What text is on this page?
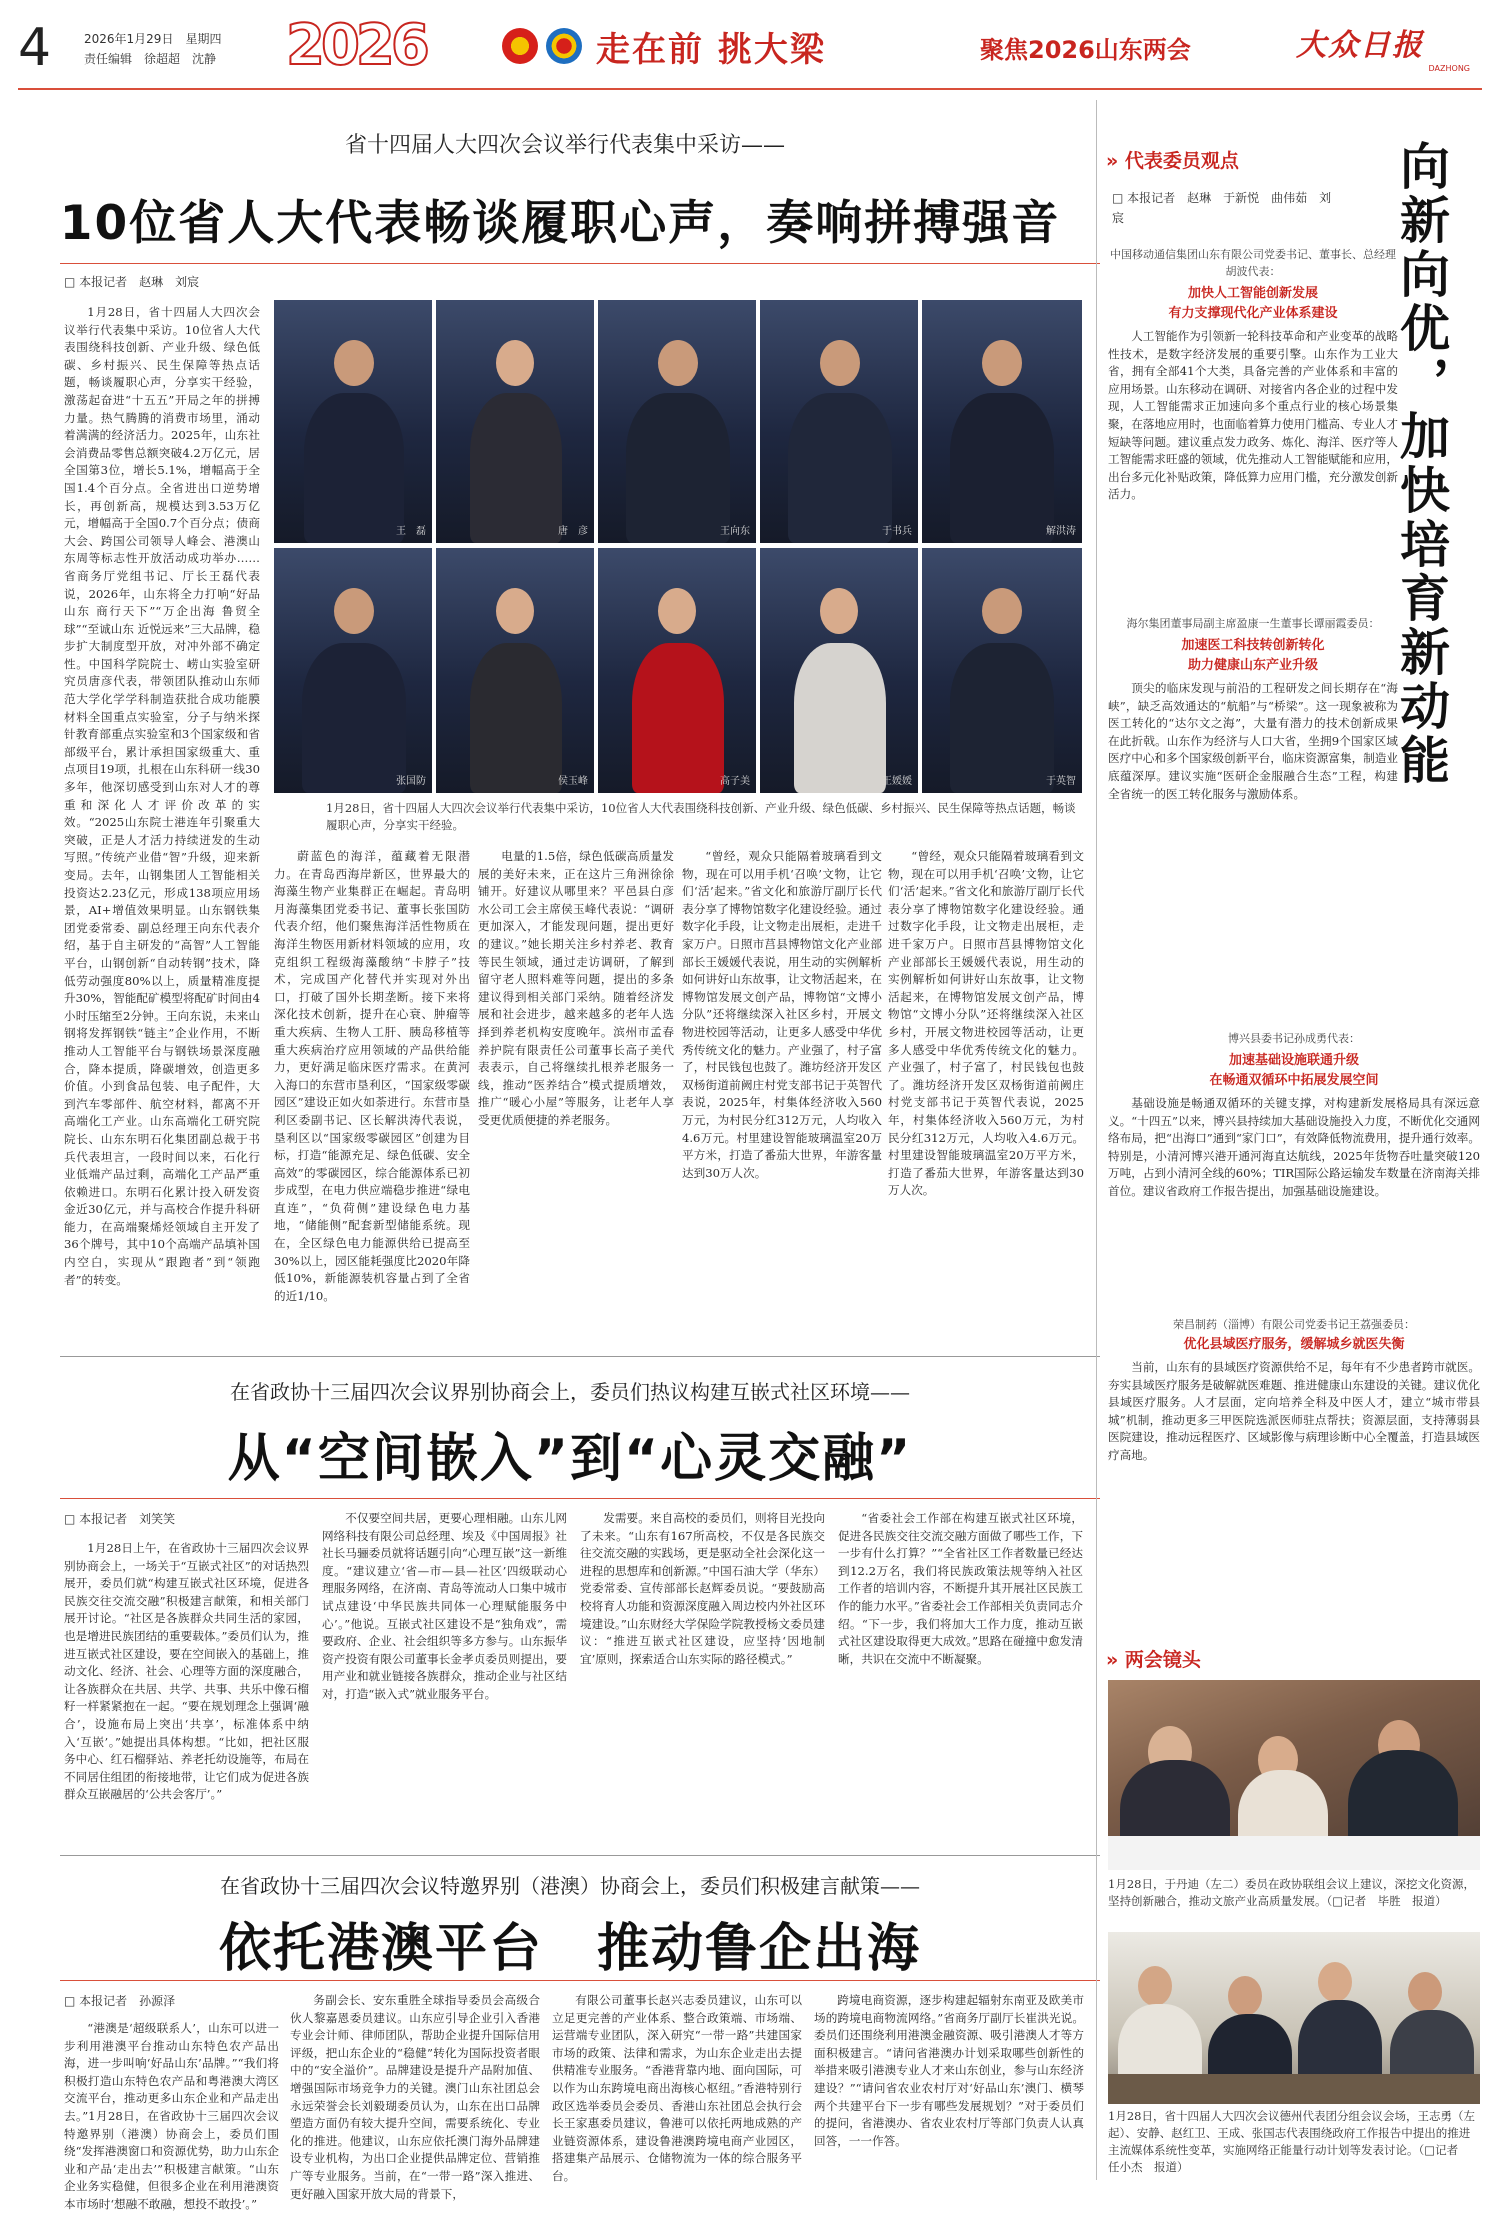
4	2026年1月29日　 星期四
责任编辑　徐超超　沈静 2026	走在前 挑大梁	聚焦2026山东两会	大众日报
DAZHONG
省十四届人大四次会议举行代表集中采访——
10位省人大代表畅谈履职心声，奏响拼搏强音
□ 本报记者　赵琳　刘宸

1月28日，省十四届人大四次会议举行代表集中采访。10位省人大代表围绕科技创新、产业升级、绿色低碳、乡村振兴、民生保障等热点话题，畅谈履职心声，分享实干经验，激荡起奋进“十五五”开局之年的拼搏力量。热气腾腾的消费市场里，涌动着满满的经济活力。2025年，山东社会消费品零售总额突破4.2万亿元，居全国第3位，增长5.1%，增幅高于全国1.4个百分点。全省进出口逆势增长，再创新高，规模达到3.53万亿元，增幅高于全国0.7个百分点；债商大会、跨国公司领导人峰会、港澳山东周等标志性开放活动成功举办……省商务厅党组书记、厅长王磊代表说，2026年，山东将全力打响“好品山东 商行天下”“万企出海 鲁贸全球”“至诚山东 近悦远来”三大品牌，稳步扩大制度型开放，对冲外部不确定性。中国科学院院士、崂山实验室研究员唐彦代表，带领团队推动山东师范大学化学学科制造获批合成功能膜材料全国重点实验室，分子与纳米探针教育部重点实验室和3个国家级和省部级平台，累计承担国家级重大、重点项目19项，扎根在山东科研一线30多年，他深切感受到山东对人才的尊重和深化人才评价改革的实效。“2025山东院士港连年引聚重大突破，正是人才活力持续迸发的生动写照。”传统产业借“智”升级，迎来新变局。去年，山钢集团人工智能相关投资达2.23亿元，形成138项应用场景，AI+增值效果明显。山东钢铁集团党委常委、副总经理王向东代表介绍，基于自主研发的“高智”人工智能平台，山钢创新“自动转钢”技术，降低劳动强度80%以上，质量精准度提升30%，智能配矿模型将配矿时间由4小时压缩至2分钟。王向东说，未来山钢将发挥钢铁“链主”企业作用，不断推动人工智能平台与钢铁场景深度融合，降本提质，降碳增效，创造更多价值。小到食品包装、电子配件，大到汽车零部件、航空材料，都离不开高端化工产业。山东高端化工研究院院长、山东东明石化集团副总裁于书兵代表坦言，一段时间以来，石化行业低端产品过剩，高端化工产品严重依赖进口。东明石化累计投入研发资金近30亿元，并与高校合作提升科研能力，在高端聚烯烃领域自主开发了36个牌号，其中10个高端产品填补国内空白，实现从“跟跑者”到“领跑者”的转变。

王　磊	唐　彦	王向东	于书兵	解洪涛
张国防	侯玉峰	高子美	王媛媛	于英智
1月28日，省十四届人大四次会议举行代表集中采访，10位省人大代表围绕科技创新、产业升级、绿色低碳、乡村振兴、民生保障等热点话题，畅谈履职心声，分享实干经验。

蔚蓝色的海洋，蕴藏着无限潜力。在青岛西海岸新区，世界最大的海藻生物产业集群正在崛起。青岛明月海藻集团党委书记、董事长张国防代表介绍，他们聚焦海洋活性物质在海洋生物医用新材料领域的应用，攻克组织工程级海藻酸纳“卡脖子”技术，完成国产化替代并实现对外出口，打破了国外长期垄断。接下来将深化技术创新，提升在心衰、肿瘤等重大疾病、生物人工肝、胰岛移植等重大疾病治疗应用领域的产品供给能力，更好满足临床医疗需求。在黄河入海口的东营市垦利区，“国家级零碳园区”建设正如火如荼进行。东营市垦利区委副书记、区长解洪涛代表说，垦利区以“国家级零碳园区”创建为目标，打造“能源充足、绿色低碳、安全高效”的零碳园区，综合能源体系已初步成型，在电力供应端稳步推进“绿电直连”，“负荷侧”建设绿色电力基地，“储能侧”配套新型储能系统。现在，全区绿色电力能源供给已提高至30%以上，园区能耗强度比2020年降低10%，新能源装机容量占到了全省的近1/10。

电量的1.5倍，绿色低碳高质量发展的美好未来，正在这片三角洲徐徐铺开。好建议从哪里来？平邑县白彦水公司工会主席侯玉峰代表说：“调研更加深入，才能发现问题，提出更好的建议。”她长期关注乡村养老、教育等民生领域，通过走访调研，了解到留守老人照料难等问题，提出的多条建议得到相关部门采纳。随着经济发展和社会进步，越来越多的老年人选择到养老机构安度晚年。滨州市孟春养护院有限责任公司董事长高子美代表表示，自己将继续扎根养老服务一线，推动“医养结合”模式提质增效，推广“暖心小屋”等服务，让老年人享受更优质便捷的养老服务。

“曾经，观众只能隔着玻璃看到文物，现在可以用手机‘召唤’文物，让它们‘活’起来。”省文化和旅游厅副厅长代表分享了博物馆数字化建设经验。通过数字化手段，让文物走出展柜，走进千家万户。日照市莒县博物馆文化产业部部长王媛媛代表说，用生动的实例解析如何讲好山东故事，让文物活起来，在博物馆发展文创产品，博物馆“文博小分队”还将继续深入社区乡村，开展文物进校园等活动，让更多人感受中华优秀传统文化的魅力。产业强了，村子富了，村民钱包也鼓了。潍坊经济开发区双杨街道前阙庄村党支部书记于英智代表说，2025年，村集体经济收入560万元，为村民分红312万元，人均收入4.6万元。村里建设智能玻璃温室20万平方米，打造了番茄大世界，年游客量达到30万人次。

“曾经，观众只能隔着玻璃看到文物，现在可以用手机‘召唤’文物，让它们‘活’起来。”省文化和旅游厅副厅长代表分享了博物馆数字化建设经验。通过数字化手段，让文物走出展柜，走进千家万户。日照市莒县博物馆文化产业部部长王媛媛代表说，用生动的实例解析如何讲好山东故事，让文物活起来，在博物馆发展文创产品，博物馆“文博小分队”还将继续深入社区乡村，开展文物进校园等活动，让更多人感受中华优秀传统文化的魅力。产业强了，村子富了，村民钱包也鼓了。潍坊经济开发区双杨街道前阙庄村党支部书记于英智代表说，2025年，村集体经济收入560万元，为村民分红312万元，人均收入4.6万元。村里建设智能玻璃温室20万平方米，打造了番茄大世界，年游客量达到30万人次。

在省政协十三届四次会议界别协商会上，委员们热议构建互嵌式社区环境——
从“空间嵌入”到“心灵交融”
□ 本报记者　刘笑笑

1月28日上午，在省政协十三届四次会议界别协商会上，一场关于“互嵌式社区”的对话热烈展开，委员们就“构建互嵌式社区环境，促进各民族交往交流交融”积极建言献策，和相关部门展开讨论。“社区是各族群众共同生活的家园，也是增进民族团结的重要载体。”委员们认为，推进互嵌式社区建设，要在空间嵌入的基础上，推动文化、经济、社会、心理等方面的深度融合，让各族群众在共居、共学、共事、共乐中像石榴籽一样紧紧抱在一起。“要在规划理念上强调‘融合’，设施布局上突出‘共享’，标准体系中纳入‘互嵌’。”她提出具体构想。“比如，把社区服务中心、红石榴驿站、养老托幼设施等，布局在不同居住组团的衔接地带，让它们成为促进各族群众互嵌融居的‘公共会客厅’。”

不仅要空间共居，更要心理相融。山东儿网网络科技有限公司总经理、埃及《中国周报》社社长马骊委员就将话题引向“心理互嵌”这一新维度。“建议建立‘省—市—县—社区’四级联动心理服务网络，在济南、青岛等流动人口集中城市试点建设‘中华民族共同体一心理赋能服务中心’。”他说。互嵌式社区建设不是“独角戏”，需要政府、企业、社会组织等多方参与。山东振华资产投资有限公司董事长金孝贞委员则提出，要用产业和就业链接各族群众，推动企业与社区结对，打造“嵌入式”就业服务平台。

发需要。来自高校的委员们，则将目光投向了未来。“山东有167所高校，不仅是各民族交往交流交融的实践场，更是驱动全社会深化这一进程的思想库和创新源。”中国石油大学（华东）党委常委、宣传部部长赵辉委员说。“要鼓励高校将育人功能和资源深度融入周边校内外社区环境建设。”山东财经大学保险学院教授杨文委员建议：“推进互嵌式社区建设，应坚持‘因地制宜’原则，探索适合山东实际的路径模式。”

“省委社会工作部在构建互嵌式社区环境，促进各民族交往交流交融方面做了哪些工作，下一步有什么打算？”“全省社区工作者数量已经达到12.2万名，我们将民族政策法规等纳入社区工作者的培训内容，不断提升其开展社区民族工作的能力水平。”省委社会工作部相关负责同志介绍。“下一步，我们将加大工作力度，推动互嵌式社区建设取得更大成效。”思路在碰撞中愈发清晰，共识在交流中不断凝聚。

在省政协十三届四次会议特邀界别（港澳）协商会上，委员们积极建言献策——
依托港澳平台　推动鲁企出海
□ 本报记者　孙源泽

“港澳是‘超级联系人’，山东可以进一步利用港澳平台推动山东特色农产品出海，进一步叫响‘好品山东’品牌。”“我们将积极打造山东特色农产品和粤港澳大湾区交流平台，推动更多山东企业和产品走出去。”1月28日，在省政协十三届四次会议特邀界别（港澳）协商会上，委员们围绕“发挥港澳窗口和资源优势，助力山东企业和产品‘走出去’”积极建言献策。“山东企业务实稳健，但很多企业在利用港澳资本市场时‘想融不敢融，想投不敢投’。”

务副会长、安东重胜全球指导委员会高级合伙人黎嘉恩委员建议。山东应引导企业引入香港专业会计师、律师团队，帮助企业提升国际信用评级，把山东企业的“稳健”转化为国际投资者眼中的“安全溢价”。品牌建设是提升产品附加值、增强国际市场竞争力的关键。澳门山东社团总会永远荣誉会长刘毅瑚委员认为，山东在出口品牌塑造方面仍有较大提升空间，需要系统化、专业化的推进。他建议，山东应依托澳门海外品牌建设专业机构，为出口企业提供品牌定位、营销推广等专业服务。当前，在“一带一路”深入推进、更好融入国家开放大局的背景下，

有限公司董事长赵兴志委员建议，山东可以立足更完善的产业体系、整合政策端、市场端、运营端专业团队，深入研究“一带一路”共建国家市场的政策、法律和需求，为山东企业走出去提供精准专业服务。“香港背靠内地、面向国际，可以作为山东跨境电商出海核心枢纽。”香港特别行政区选举委员会委员、香港山东社团总会执行会长王家惠委员建议，鲁港可以依托两地成熟的产业链资源体系，建设鲁港澳跨境电商产业园区，搭建集产品展示、仓储物流为一体的综合服务平台。

跨境电商资源，逐步构建起辐射东南亚及欧美市场的跨境电商物流网络。”省商务厅副厅长崔洪光说。委员们还围绕利用港澳金融资源、吸引港澳人才等方面积极建言。“请问省港澳办计划采取哪些创新性的举措来吸引港澳专业人才来山东创业，参与山东经济建设？”“请问省农业农村厅对‘好品山东’澳门、横琴两个共建平台下一步有哪些发展规划？”对于委员们的提问，省港澳办、省农业农村厅等部门负责人认真回答，一一作答。

» 代表委员观点	向新向优，加快培育新动能
□ 本报记者　赵琳　于新悦　曲伟茹　刘宸
中国移动通信集团山东有限公司党委书记、董事长、总经理胡波代表：
加快人工智能创新发展
有力支撑现代化产业体系建设

人工智能作为引领新一轮科技革命和产业变革的战略性技术，是数字经济发展的重要引擎。山东作为工业大省，拥有全部41个大类，具备完善的产业体系和丰富的应用场景。山东移动在调研、对接省内各企业的过程中发现，人工智能需求正加速向多个重点行业的核心场景集聚，在落地应用时，也面临着算力使用门槛高、专业人才短缺等问题。建议重点发力政务、炼化、海洋、医疗等人工智能需求旺盛的领域，优先推动人工智能赋能和应用，出台多元化补贴政策，降低算力应用门槛，充分激发创新活力。

海尔集团董事局副主席盈康一生董事长谭丽霞委员：
加速医工科技转创新转化
助力健康山东产业升级

顶尖的临床发现与前沿的工程研发之间长期存在“海峡”，缺乏高效通达的“航船”与“桥梁”。这一现象被称为医工转化的“达尔文之海”，大量有潜力的技术创新成果在此折戟。山东作为经济与人口大省，坐拥9个国家区域医疗中心和多个国家级创新平台，临床资源富集，制造业底蕴深厚。建议实施“医研企金服融合生态”工程，构建全省统一的医工转化服务与激励体系。

博兴县委书记孙成勇代表：
加速基础设施联通升级
在畅通双循环中拓展发展空间

基础设施是畅通双循环的关键支撑，对构建新发展格局具有深远意义。“十四五”以来，博兴县持续加大基础设施投入力度，不断优化交通网络布局，把“出海口”通到“家门口”，有效降低物流费用，提升通行效率。特别是，小清河博兴港开通河海直达航线，2025年货物吞吐量突破120万吨，占到小清河全线的60%；TIR国际公路运输发车数量在济南海关排首位。建议省政府工作报告提出，加强基础设施建设。

荣昌制药（淄博）有限公司党委书记王荔强委员：
优化县域医疗服务，缓解城乡就医失衡

当前，山东有的县域医疗资源供给不足，每年有不少患者跨市就医。夯实县域医疗服务是破解就医难题、推进健康山东建设的关键。建议优化县域医疗服务。人才层面，定向培养全科及中医人才，建立“城市带县城”机制，推动更多三甲医院选派医师驻点帮扶；资源层面，支持薄弱县医院建设，推动远程医疗、区域影像与病理诊断中心全覆盖，打造县域医疗高地。

» 两会镜头
1月28日，于丹迪（左二）委员在政协联组会议上建议，深挖文化资源，坚持创新融合，推动文旅产业高质量发展。（□记者　毕胜　报道）
1月28日，省十四届人大四次会议德州代表团分组会议会场，王志勇（左起）、安静、赵红卫、王成、张国志代表围绕政府工作报告中提出的推进主流媒体系统性变革，实施网络正能量行动计划等发表讨论。（□记者　任小杰　报道）
